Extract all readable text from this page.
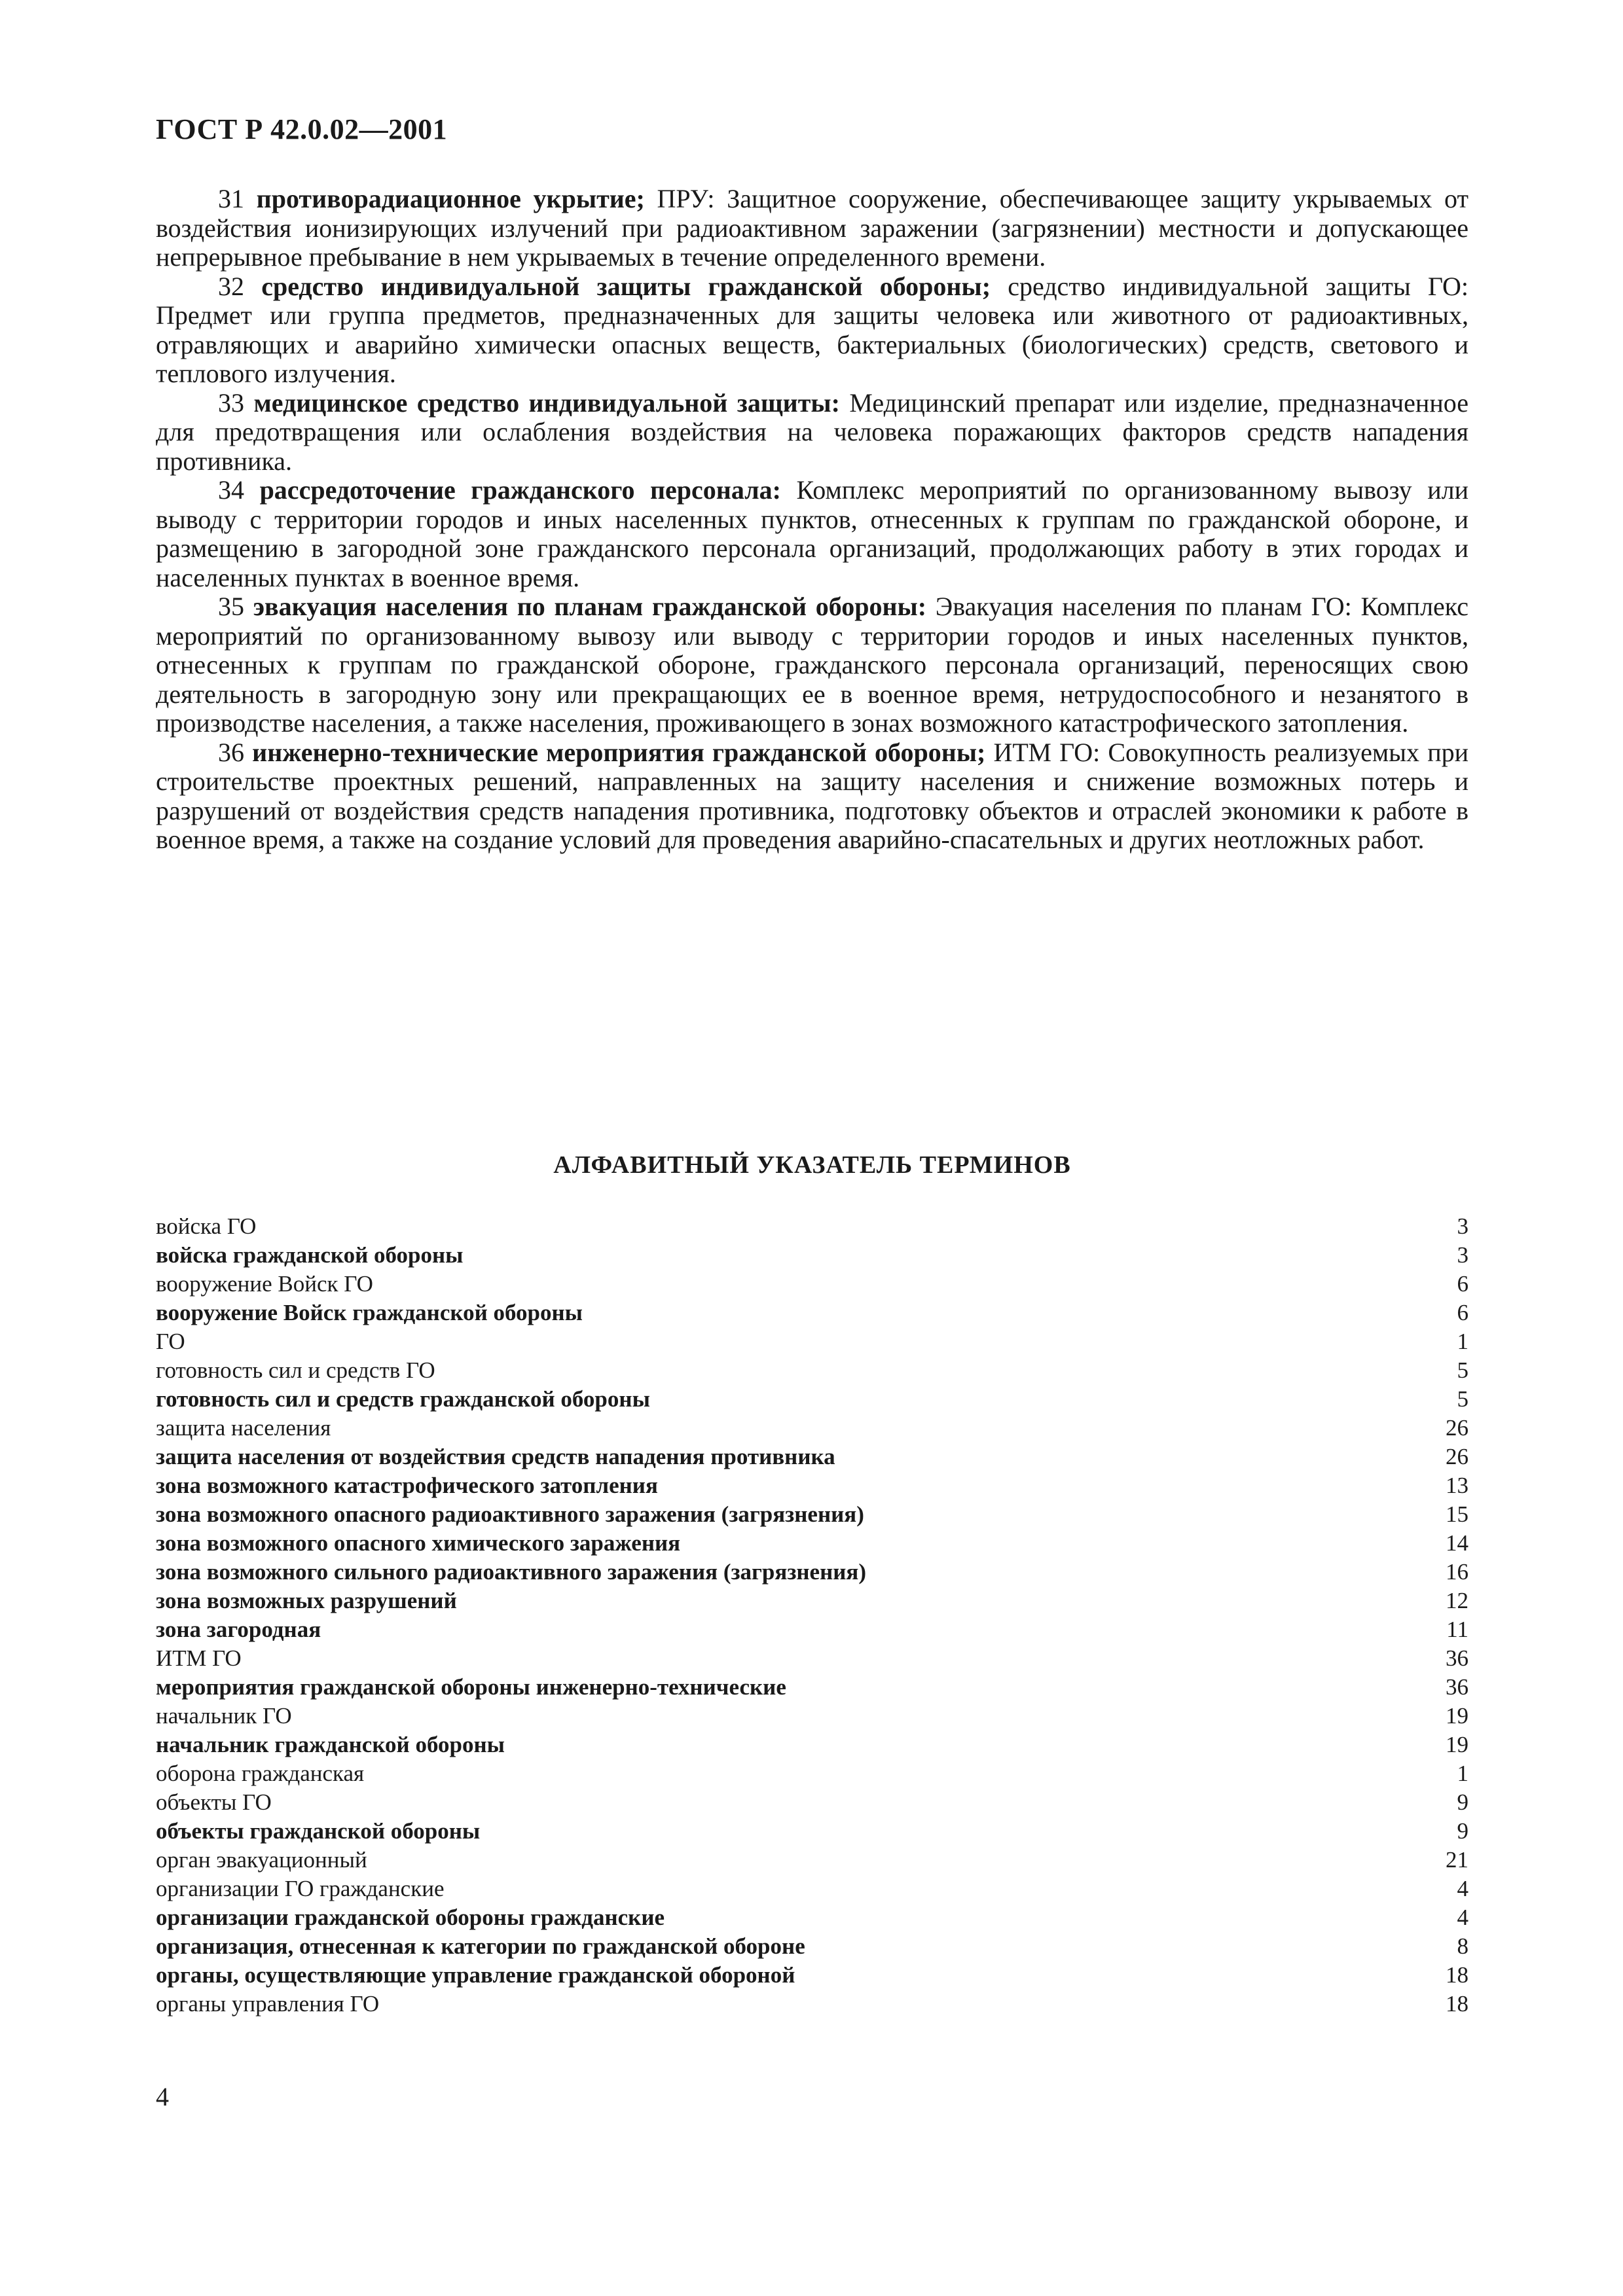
ГОСТ Р 42.0.02—2001

31 противорадиационное укрытие; ПРУ: Защитное сооружение, обеспечивающее защиту укрываемых от воздействия ионизирующих излучений при радиоактивном заражении (загрязнении) местности и допускающее непрерывное пребывание в нем укрываемых в течение определенного времени.

32 средство индивидуальной защиты гражданской обороны; средство индивидуальной защиты ГО: Предмет или группа предметов, предназначенных для защиты человека или животного от радиоактивных, отравляющих и аварийно химически опасных веществ, бактериальных (биологических) средств, светового и теплового излучения.

33 медицинское средство индивидуальной защиты: Медицинский препарат или изделие, предназначенное для предотвращения или ослабления воздействия на человека поражающих факторов средств нападения противника.

34 рассредоточение гражданского персонала: Комплекс мероприятий по организованному вывозу или выводу с территории городов и иных населенных пунктов, отнесенных к группам по гражданской обороне, и размещению в загородной зоне гражданского персонала организаций, продолжающих работу в этих городах и населенных пунктах в военное время.

35 эвакуация населения по планам гражданской обороны: Эвакуация населения по планам ГО: Комплекс мероприятий по организованному вывозу или выводу с территории городов и иных населенных пунктов, отнесенных к группам по гражданской обороне, гражданского персонала организаций, переносящих свою деятельность в загородную зону или прекращающих ее в военное время, нетрудоспособного и незанятого в производстве населения, а также населения, проживающего в зонах возможного катастрофического затопления.

36 инженерно-технические мероприятия гражданской обороны; ИТМ ГО: Совокупность реализуемых при строительстве проектных решений, направленных на защиту населения и снижение возможных потерь и разрушений от воздействия средств нападения противника, подготовку объектов и отраслей экономики к работе в военное время, а также на создание условий для проведения аварийно-спасательных и других неотложных работ.

АЛФАВИТНЫЙ УКАЗАТЕЛЬ ТЕРМИНОВ
войска ГО	3
войска гражданской обороны	3
вооружение Войск ГО	6
вооружение Войск гражданской обороны	6
ГО	1
готовность сил и средств ГО	5
готовность сил и средств гражданской обороны	5
защита населения	26
защита населения от воздействия средств нападения противника	26
зона возможного катастрофического затопления	13
зона возможного опасного радиоактивного заражения (загрязнения)	15
зона возможного опасного химического заражения	14
зона возможного сильного радиоактивного заражения (загрязнения)	16
зона возможных разрушений	12
зона загородная	11
ИТМ ГО	36
мероприятия гражданской обороны инженерно-технические	36
начальник ГО	19
начальник гражданской обороны	19
оборона гражданская	1
объекты ГО	9
объекты гражданской обороны	9
орган эвакуационный	21
организации ГО гражданские	4
организации гражданской обороны гражданские	4
организация, отнесенная к категории по гражданской обороне	8
органы, осуществляющие управление гражданской обороной	18
органы управления ГО	18
4
